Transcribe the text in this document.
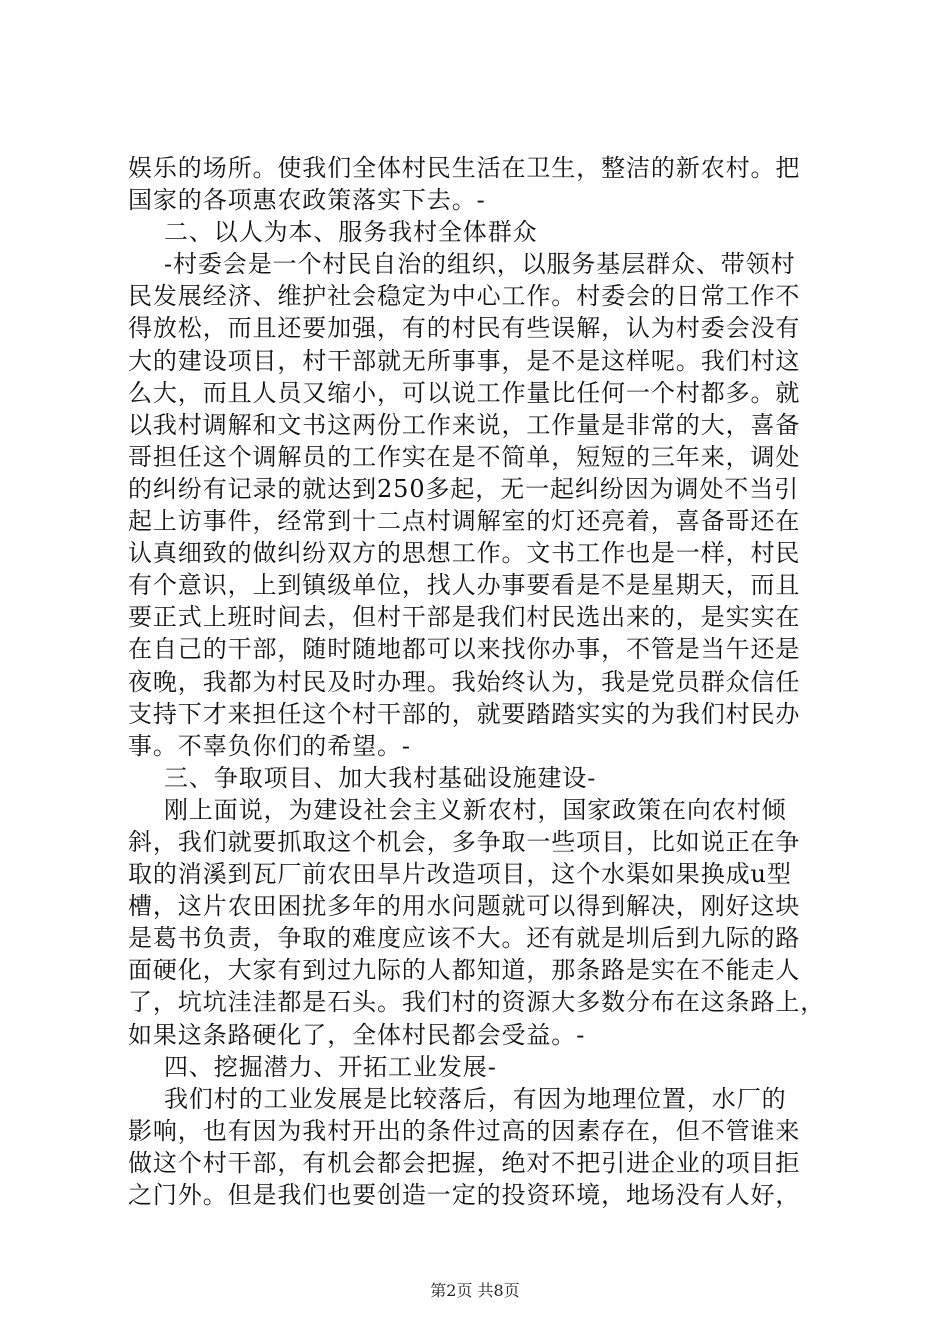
娱乐的场所。使我们全体村民生活在卫生，整洁的新农村。把
国家的各项惠农政策落实下去。-
二、以人为本、服务我村全体群众
-村委会是一个村民自治的组织，以服务基层群众、带领村
民发展经济、维护社会稳定为中心工作。村委会的日常工作不
得放松，而且还要加强，有的村民有些误解，认为村委会没有
大的建设项目，村干部就无所事事，是不是这样呢。我们村这
么大，而且人员又缩小，可以说工作量比任何一个村都多。就
以我村调解和文书这两份工作来说，工作量是非常的大，喜备
哥担任这个调解员的工作实在是不简单，短短的三年来，调处
的纠纷有记录的就达到250多起，无一起纠纷因为调处不当引
起上访事件，经常到十二点村调解室的灯还亮着，喜备哥还在
认真细致的做纠纷双方的思想工作。文书工作也是一样，村民
有个意识，上到镇级单位，找人办事要看是不是星期天，而且
要正式上班时间去，但村干部是我们村民选出来的，是实实在
在自己的干部，随时随地都可以来找你办事，不管是当午还是
夜晚，我都为村民及时办理。我始终认为，我是党员群众信任
支持下才来担任这个村干部的，就要踏踏实实的为我们村民办
事。不辜负你们的希望。-
三、争取项目、加大我村基础设施建设-
刚上面说，为建设社会主义新农村，国家政策在向农村倾
斜，我们就要抓取这个机会，多争取一些项目，比如说正在争
取的消溪到瓦厂前农田旱片改造项目，这个水渠如果换成u型
槽，这片农田困扰多年的用水问题就可以得到解决，刚好这块
是葛书负责，争取的难度应该不大。还有就是圳后到九际的路
面硬化，大家有到过九际的人都知道，那条路是实在不能走人
了，坑坑洼洼都是石头。我们村的资源大多数分布在这条路上，
如果这条路硬化了，全体村民都会受益。-
四、挖掘潜力、开拓工业发展-
我们村的工业发展是比较落后，有因为地理位置，水厂的
影响，也有因为我村开出的条件过高的因素存在，但不管谁来
做这个村干部，有机会都会把握，绝对不把引进企业的项目拒
之门外。但是我们也要创造一定的投资环境，地场没有人好，
第2页 共8页
